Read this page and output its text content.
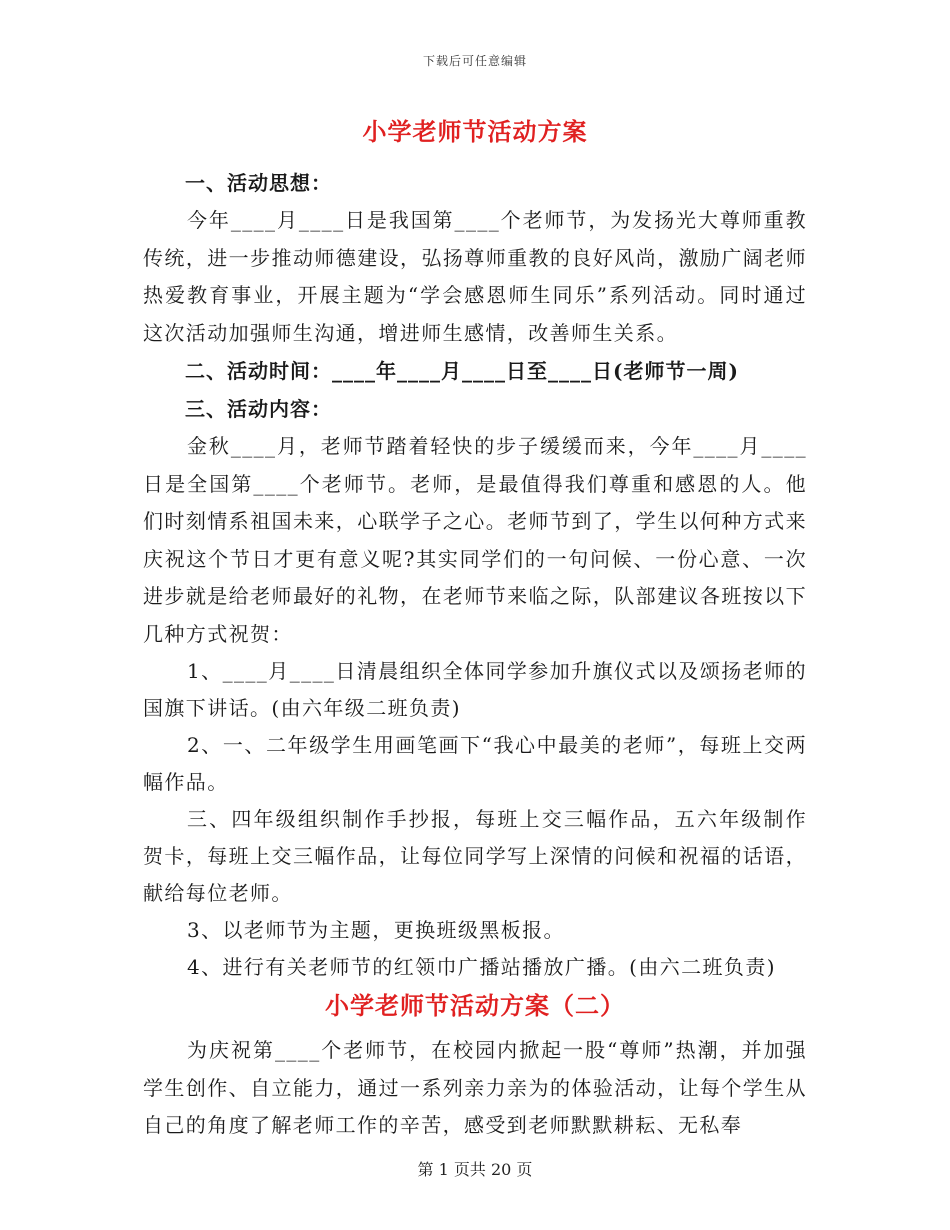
下载后可任意编辑
小学老师节活动方案
一、活动思想：

今年____月____日是我国第____个老师节，为发扬光大尊师重教传统，进一步推动师德建设，弘扬尊师重教的良好风尚，激励广阔老师热爱教育事业，开展主题为“学会感恩师生同乐”系列活动。同时通过这次活动加强师生沟通，增进师生感情，改善师生关系。

二、活动时间：____年____月____日至____日(老师节一周)
三、活动内容：

金秋____月，老师节踏着轻快的步子缓缓而来，今年____月____日是全国第____个老师节。老师，是最值得我们尊重和感恩的人。他们时刻情系祖国未来，心联学子之心。老师节到了，学生以何种方式来庆祝这个节日才更有意义呢?其实同学们的一句问候、一份心意、一次进步就是给老师最好的礼物，在老师节来临之际，队部建议各班按以下几种方式祝贺：

1、____月____日清晨组织全体同学参加升旗仪式以及颂扬老师的国旗下讲话。(由六年级二班负责)

2、一、二年级学生用画笔画下“我心中最美的老师”，每班上交两幅作品。

三、四年级组织制作手抄报，每班上交三幅作品，五六年级制作贺卡，每班上交三幅作品，让每位同学写上深情的问候和祝福的话语，献给每位老师。

3、以老师节为主题，更换班级黑板报。

4、进行有关老师节的红领巾广播站播放广播。(由六二班负责)

小学老师节活动方案（二）

为庆祝第____个老师节，在校园内掀起一股“尊师”热潮，并加强学生创作、自立能力，通过一系列亲力亲为的体验活动，让每个学生从自己的角度了解老师工作的辛苦，感受到老师默默耕耘、无私奉

第 1 页共 20 页
